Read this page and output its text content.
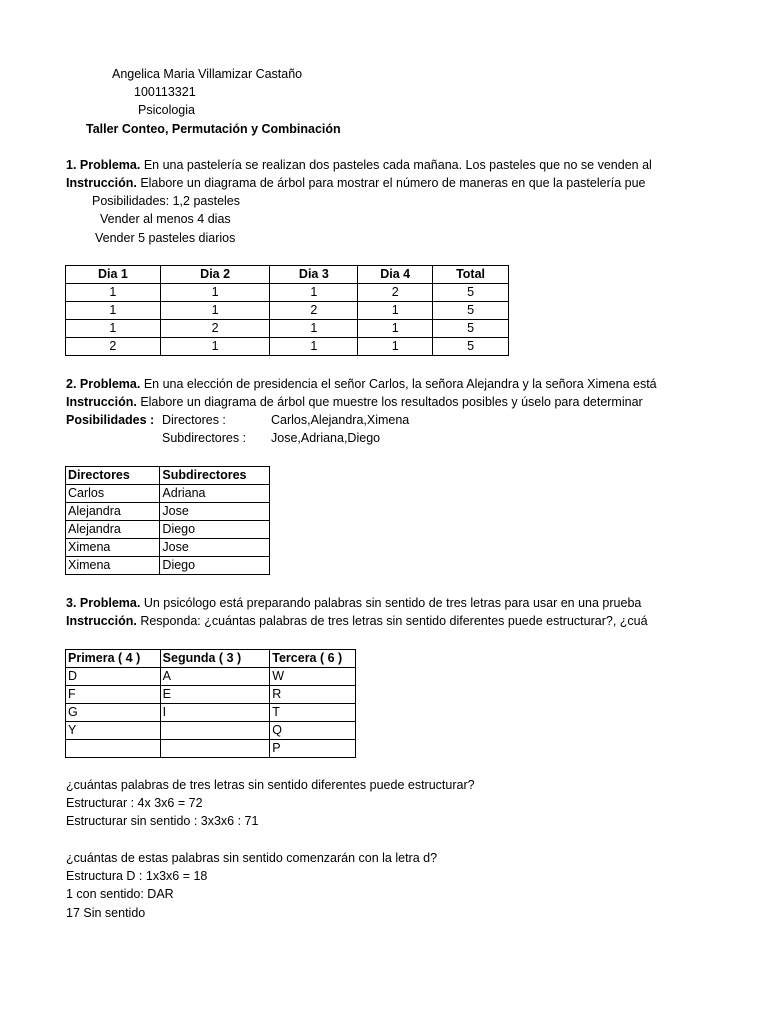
Angelica Maria Villamizar Castaño
100113321
Psicologia
Taller Conteo, Permutación y Combinación
1. Problema. En una pastelería se realizan dos pasteles cada mañana. Los pasteles que no se venden al
Instrucción. Elabore un diagrama de árbol para mostrar el número de maneras en que la pastelería pue
Posibilidades: 1,2 pasteles
Vender al menos 4 dias
Vender 5 pasteles diarios
Dia 1	Dia 2	Dia 3	Dia 4	Total
1	1	1	2	5
1	1	2	1	5
1	2	1	1	5
2	1	1	1	5
2. Problema. En una elección de presidencia el señor Carlos, la señora Alejandra y la señora Ximena está
Instrucción. Elabore un diagrama de árbol que muestre los resultados posibles y úselo para determinar
Posibilidades : Directores :	Carlos,Alejandra,Ximena
Subdirectores : Jose,Adriana,Diego
Directores	Subdirectores
Carlos	Adriana
Alejandra	Jose
Alejandra	Diego
Ximena	Jose
Ximena	Diego
3. Problema. Un psicólogo está preparando palabras sin sentido de tres letras para usar en una prueba
Instrucción. Responda: ¿cuántas palabras de tres letras sin sentido diferentes puede estructurar?, ¿cuá
Primera ( 4 )	Segunda ( 3 )	Tercera ( 6 )
D	A	W
F	E	R
G	I	T
Y		Q
		P
¿cuántas palabras de tres letras sin sentido diferentes puede estructurar?
Estructurar : 4x 3x6 = 72
Estructurar sin sentido : 3x3x6 : 71
¿cuántas de estas palabras sin sentido comenzarán con la letra d?
Estructura D : 1x3x6 = 18
1 con sentido: DAR
17 Sin sentido
